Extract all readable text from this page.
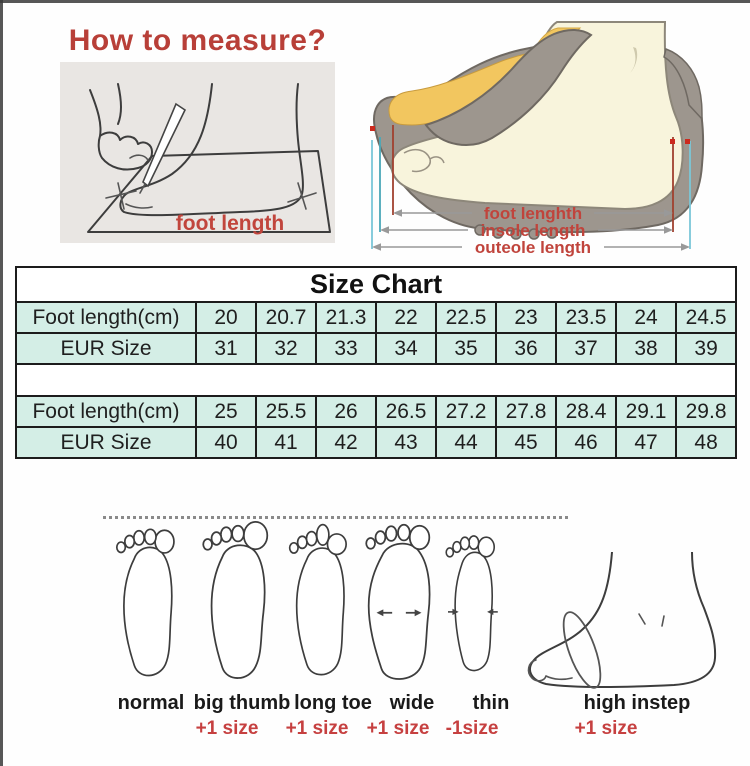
How to measure?
foot length	foot lenghth
insole length
outeole length
Size Chart									
Foot length(cm)	20	20.7	21.3	22	22.5	23	23.5	24	24.5
EUR Size	31	32	33	34	35	36	37	38	39

Foot length(cm)	25	25.5	26	26.5	27.2	27.8	28.4	29.1	29.8
EUR Size	40	41	42	43	44	45	46	47	48
normal big thumb long toe wide thin	high instep
+1 size +1 size +1 size -1size	+1 size
